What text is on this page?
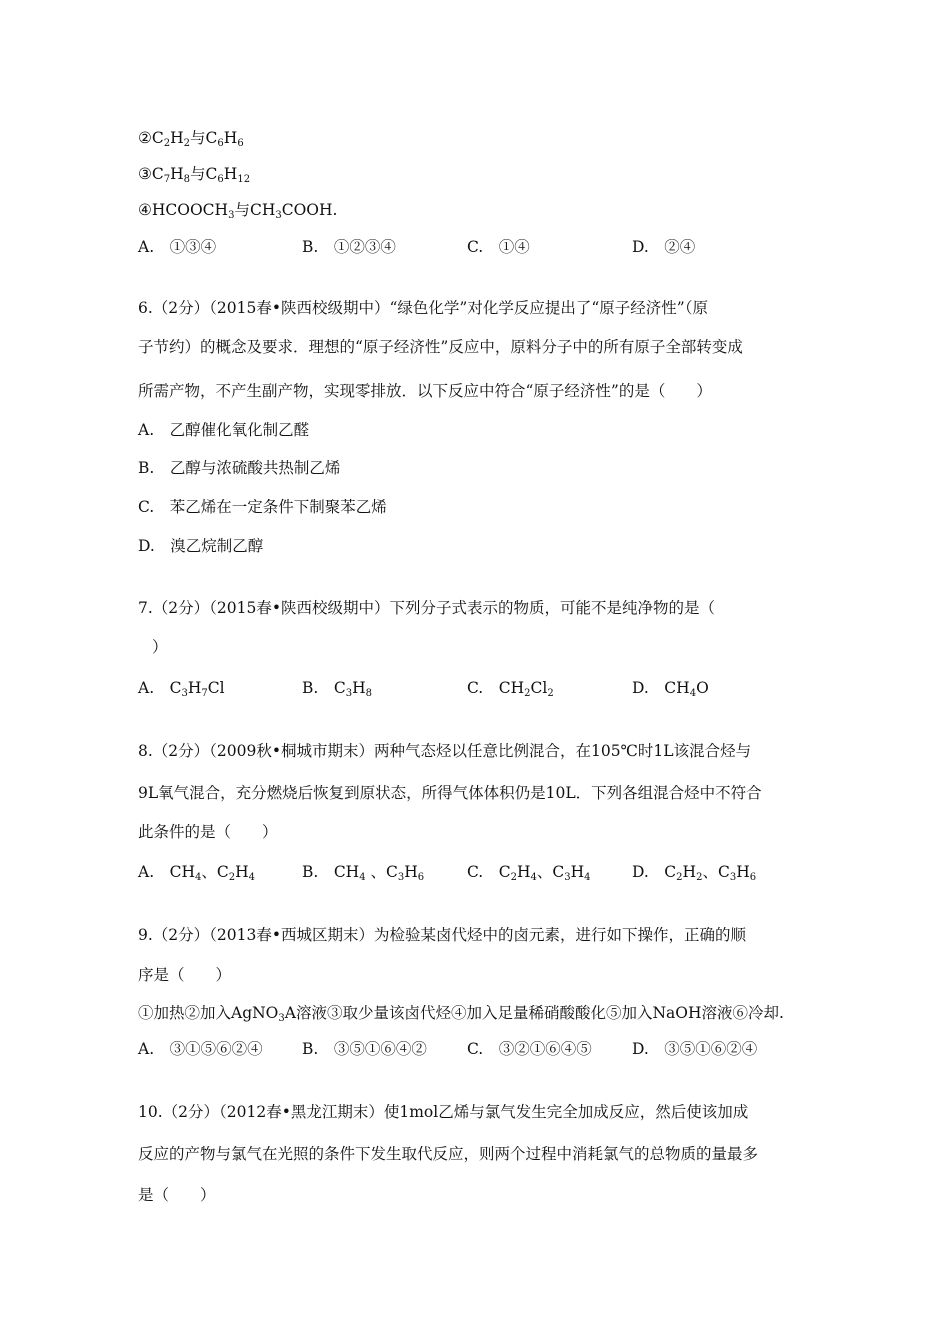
$②C_2H_2$与$C_6H_6$
$③C_7H_8$与$C_6H_{12}$
$④HCOOCH_3$与$CH_3COOH$.
A.　①③④	B.　①②③④	C.　①④	D.　②④
6.（2分）（2015春•陕西校级期中）“绿色化学”对化学反应提出了“原子经济性”（原
子节约）的概念及要求．理想的“原子经济性”反应中，原料分子中的所有原子全部转变成
所需产物，不产生副产物，实现零排放．以下反应中符合“原子经济性”的是（　　）
A.　乙醇催化氧化制乙醛
B.　乙醇与浓硫酸共热制乙烯
C.　苯乙烯在一定条件下制聚苯乙烯
D.　溴乙烷制乙醇
7.（2分）（2015春•陕西校级期中）下列分子式表示的物质，可能不是纯净物的是（
）
A.　$C_3H_7Cl$	B.　$C_3H_8$	C.　$CH_2Cl_2$	D.　$CH_4O$
8.（2分）（2009秋•桐城市期末）两种气态烃以任意比例混合，在105℃时1L该混合烃与
9L氧气混合，充分燃烧后恢复到原状态，所得气体体积仍是10L．下列各组混合烃中不符合
此条件的是（　　）
A.　$CH_4$、$C_2H_4$	B.　$CH_4$ 、$C_3H_6$	C.　$C_2H_4$、$C_3H_4$	D.　$C_2H_2$、$C_3H_6$
9.（2分）（2013春•西城区期末）为检验某卤代烃中的卤元素，进行如下操作，正确的顺
序是（　　）
①加热②加入AgNO$_3$A溶液③取少量该卤代烃④加入足量稀硝酸酸化⑤加入NaOH溶液⑥冷却.
A.　③①⑤⑥②④	B.　③⑤①⑥④②	C.　③②①⑥④⑤	D.　③⑤①⑥②④
10.（2分）（2012春•黑龙江期末）使1mol乙烯与氯气发生完全加成反应，然后使该加成
反应的产物与氯气在光照的条件下发生取代反应，则两个过程中消耗氯气的总物质的量最多
是（　　）
